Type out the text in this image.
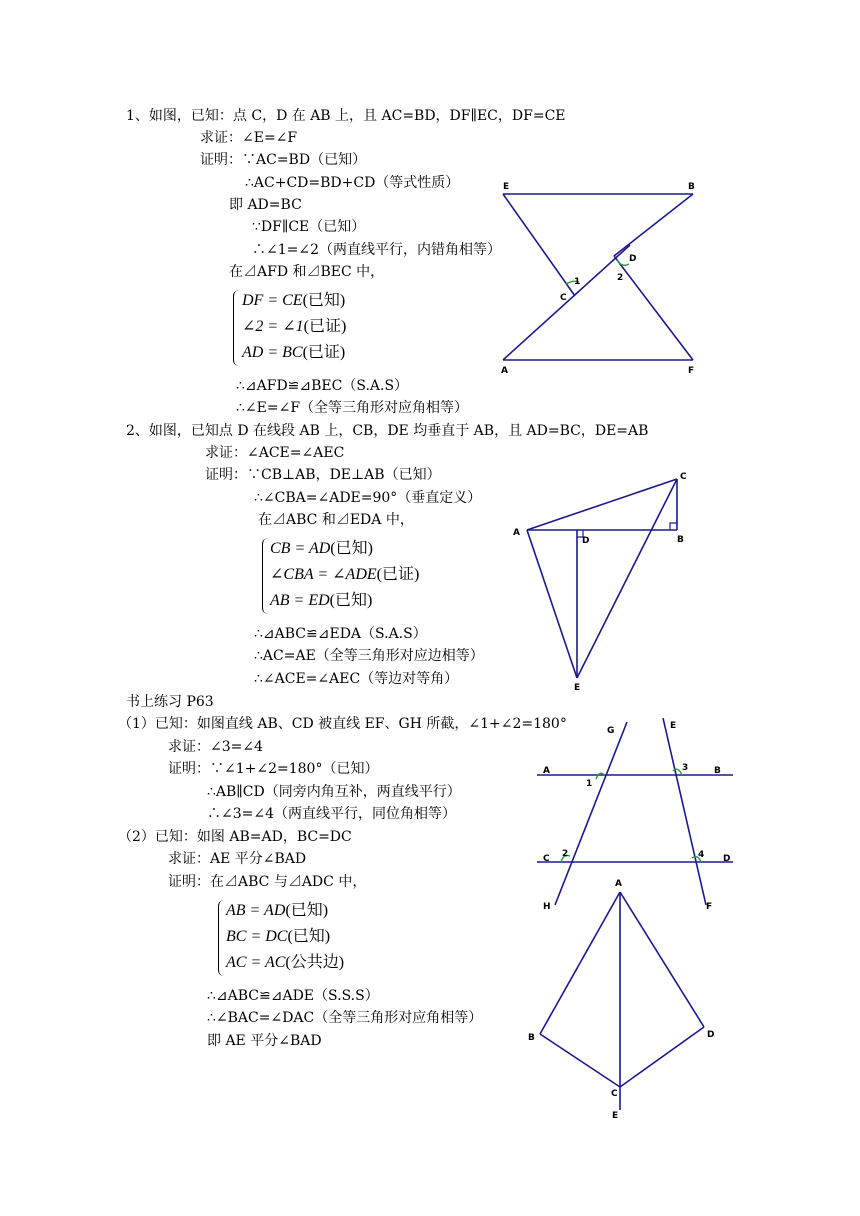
1、如图，已知：点 C，D 在 AB 上，且 AC=BD，DF∥EC，DF=CE
求证：∠E=∠F
证明：∵AC=BD（已知）
∴AC+CD=BD+CD（等式性质）
即 AD=BC
∵DF∥CE（已知）
∴∠1=∠2（两直线平行，内错角相等）
在⊿AFD 和⊿BEC 中，
DF = CE(已知)
∠2 = ∠1(已证)
AD = BC(已证)
∴⊿AFD≌⊿BEC（S.A.S）
∴∠E=∠F（全等三角形对应角相等）
E	B
D
C
1	2
A	F
2、如图，已知点 D 在线段 AB 上，CB，DE 均垂直于 AB，且 AD=BC，DE=AB
求证：∠ACE=∠AEC
证明：∵CB⊥AB，DE⊥AB（已知）
∴∠CBA=∠ADE=90°（垂直定义）
在⊿ABC 和⊿EDA 中，
CB = AD(已知)
∠CBA = ∠ADE(已证)
AB = ED(已知)
∴⊿ABC≌⊿EDA（S.A.S）
∴AC=AE（全等三角形对应边相等）
∴∠ACE=∠AEC（等边对等角）
C
A
D	B
E
书上练习 P63
（1）已知：如图直线 AB、CD 被直线 EF、GH 所截，∠1+∠2=180°
求证：∠3=∠4
证明：∵∠1+∠2=180°（已知）
∴AB∥CD（同旁内角互补，两直线平行）
∴∠3=∠4（两直线平行，同位角相等）
G	E
A	B
1
3
C	D
2	4
H	F
（2）已知：如图 AB=AD，BC=DC
求证：AE 平分∠BAD
证明：在⊿ABC 与⊿ADC 中，
AB = AD(已知)
BC = DC(已知)
AC = AC(公共边)
∴⊿ABC≌⊿ADE（S.S.S）
∴∠BAC=∠DAC（全等三角形对应角相等）
即 AE 平分∠BAD
A
B	D
C
E
